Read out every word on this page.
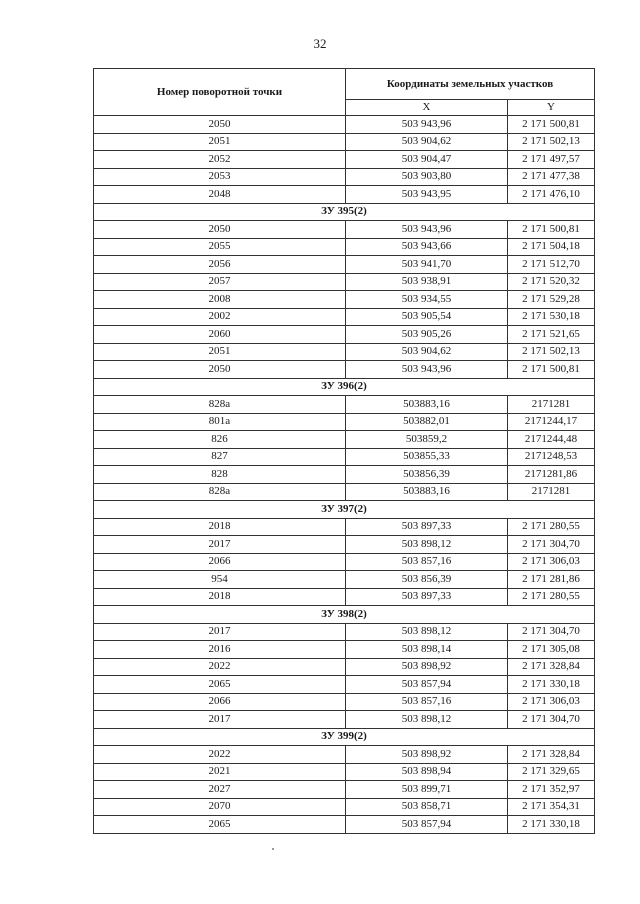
32
Номер поворотной точки	Координаты земельных участков	
	X	Y
2050	503 943,96	2 171 500,81
2051	503 904,62	2 171 502,13
2052	503 904,47	2 171 497,57
2053	503 903,80	2 171 477,38
2048	503 943,95	2 171 476,10
ЗУ 395(2)		
2050	503 943,96	2 171 500,81
2055	503 943,66	2 171 504,18
2056	503 941,70	2 171 512,70
2057	503 938,91	2 171 520,32
2008	503 934,55	2 171 529,28
2002	503 905,54	2 171 530,18
2060	503 905,26	2 171 521,65
2051	503 904,62	2 171 502,13
2050	503 943,96	2 171 500,81
ЗУ 396(2)		
828а	503883,16	2171281
801а	503882,01	2171244,17
826	503859,2	2171244,48
827	503855,33	2171248,53
828	503856,39	2171281,86
828а	503883,16	2171281
ЗУ 397(2)		
2018	503 897,33	2 171 280,55
2017	503 898,12	2 171 304,70
2066	503 857,16	2 171 306,03
954	503 856,39	2 171 281,86
2018	503 897,33	2 171 280,55
ЗУ 398(2)		
2017	503 898,12	2 171 304,70
2016	503 898,14	2 171 305,08
2022	503 898,92	2 171 328,84
2065	503 857,94	2 171 330,18
2066	503 857,16	2 171 306,03
2017	503 898,12	2 171 304,70
ЗУ 399(2)		
2022	503 898,92	2 171 328,84
2021	503 898,94	2 171 329,65
2027	503 899,71	2 171 352,97
2070	503 858,71	2 171 354,31
2065	503 857,94	2 171 330,18
